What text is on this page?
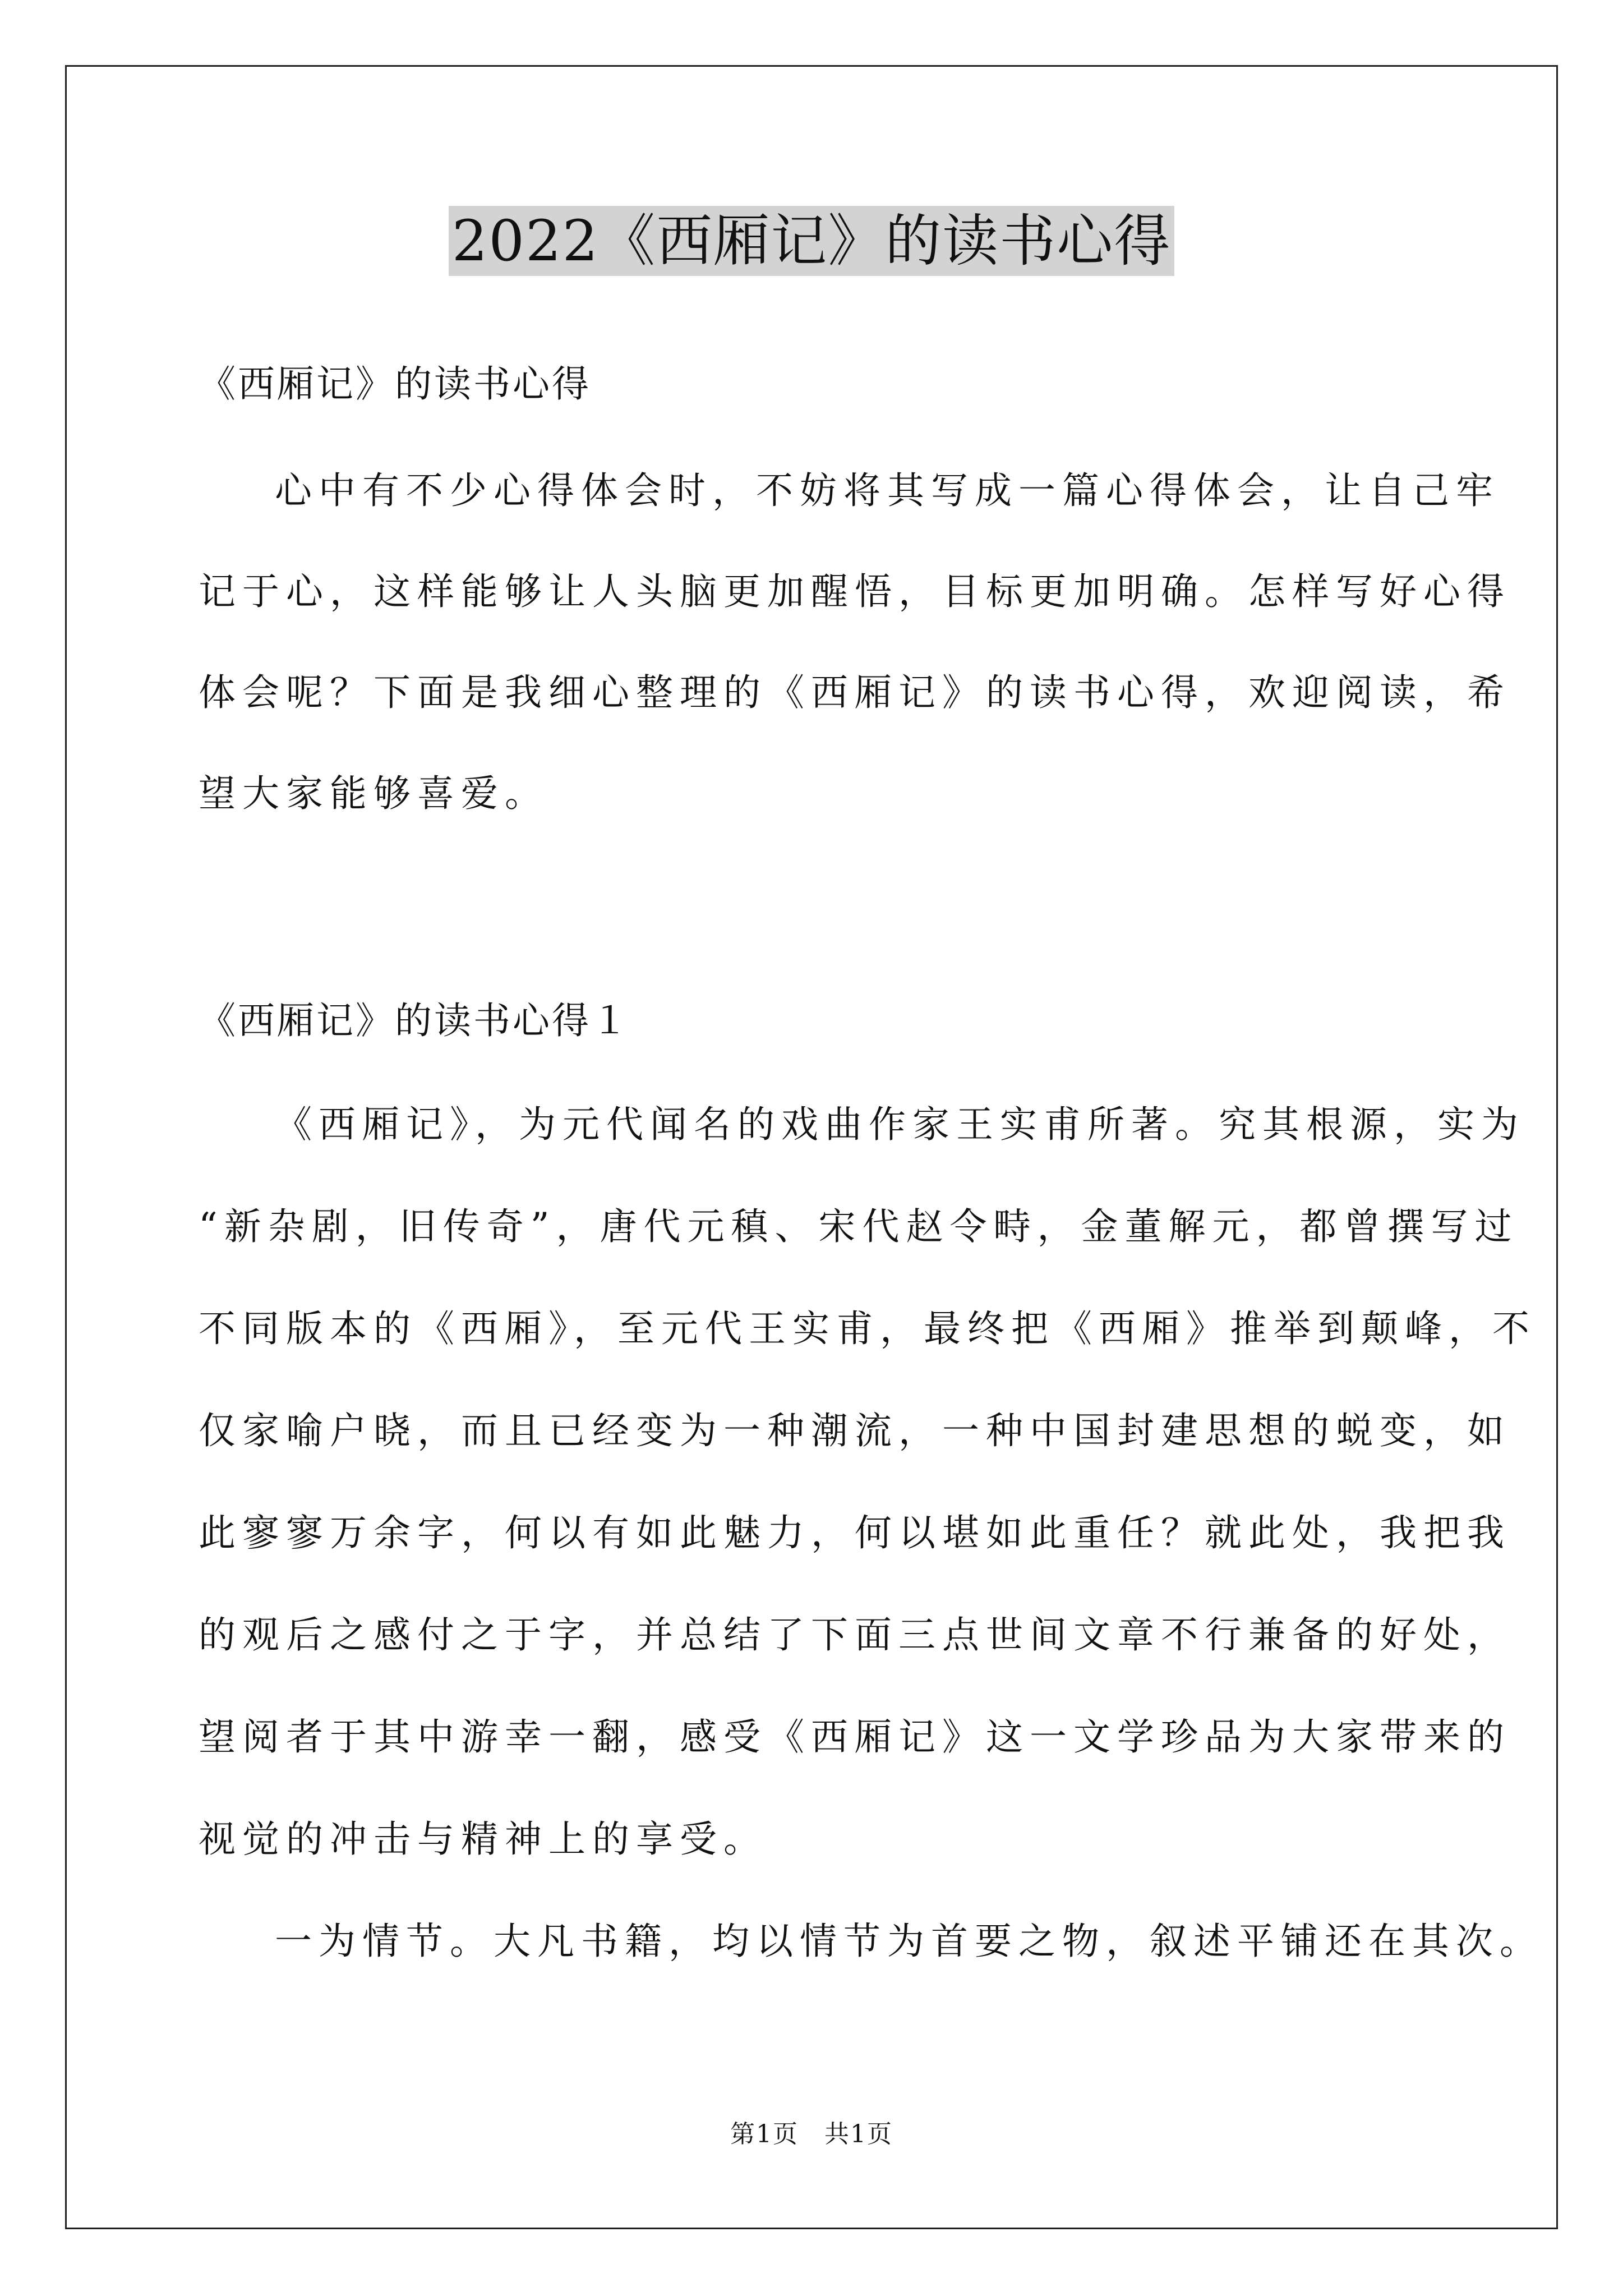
2022《西厢记》的读书心得
《西厢记》的读书心得
心中有不少心得体会时，不妨将其写成一篇心得体会，让自己牢
记于心，这样能够让人头脑更加醒悟，目标更加明确。怎样写好心得
体会呢？下面是我细心整理的《西厢记》的读书心得，欢迎阅读，希
望大家能够喜爱。
《西厢记》的读书心得１
《西厢记》，为元代闻名的戏曲作家王实甫所著。究其根源，实为
“新杂剧，旧传奇”，唐代元稹、宋代赵令畤，金董解元，都曾撰写过
不同版本的《西厢》，至元代王实甫，最终把《西厢》推举到颠峰，不
仅家喻户晓，而且已经变为一种潮流，一种中国封建思想的蜕变，如
此寥寥万余字，何以有如此魅力，何以堪如此重任？就此处，我把我
的观后之感付之于字，并总结了下面三点世间文章不行兼备的好处，
望阅者于其中游幸一翻，感受《西厢记》这一文学珍品为大家带来的
视觉的冲击与精神上的享受。
一为情节。大凡书籍，均以情节为首要之物，叙述平铺还在其次。
第1页　共1页
